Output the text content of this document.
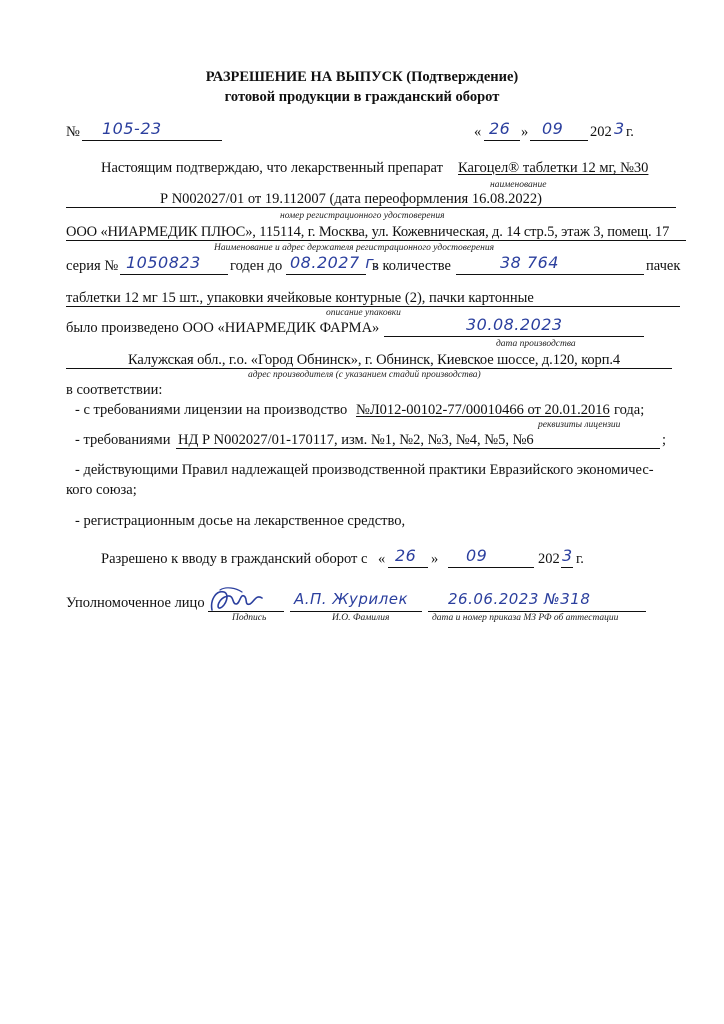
РАЗРЕШЕНИЕ НА ВЫПУСК (Подтверждение)
готовой продукции в гражданский оборот
№ 105-23	« 26 » 09 202 3 г.
Настоящим подтверждаю, что лекарственный препарат Кагоцел® таблетки 12 мг, №30
наименование
Р N002027/01 от 19.112007 (дата переоформления 16.08.2022)
номер регистрационного удостоверения
ООО «НИАРМЕДИК ПЛЮС», 115114, г. Москва, ул. Кожевническая, д. 14 стр.5, этаж 3, помещ. 17
Наименование и адрес держателя регистрационного удостоверения
серия № 1050823 годен до 08.2027 г.
в количестве	38 764	пачек
таблетки 12 мг 15 шт., упаковки ячейковые контурные (2), пачки картонные
описание упаковки
было произведено ООО «НИАРМЕДИК ФАРМА»	30.08.2023
дата производства
Калужская обл., г.о. «Город Обнинск», г. Обнинск, Киевское шоссе, д.120, корп.4
адрес производителя (с указанием стадий производства)
в соответствии:
- с требованиями лицензии на производство №Л012-00102-77/00010466 от 20.01.2016 года;
реквизиты лицензии
- требованиями НД Р N002027/01-170117, изм. №1, №2, №3, №4, №5, №6	;
- действующими Правил надлежащей производственной практики Евразийского экономичес-
кого союза;
- регистрационным досье на лекарственное средство,
Разрешено к вводу в гражданский оборот с « 26 » 09	202 3 г.
Уполномоченное лицо
Подпись
А.П. Журилек
И.О. Фамилия
26.06.2023 №318
дата и номер приказа МЗ РФ об аттестации
